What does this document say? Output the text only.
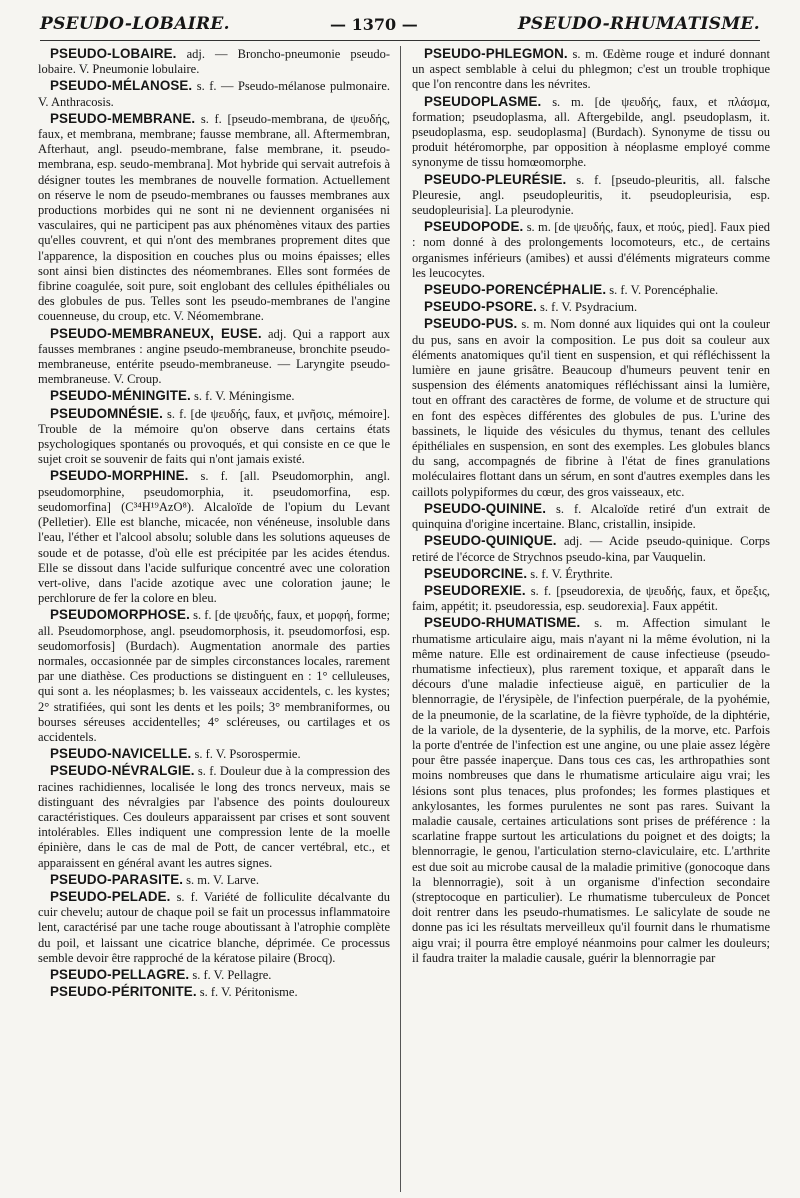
PSEUDO-LOBAIRE.	— 1370 —	PSEUDO-RHUMATISME.

PSEUDO-LOBAIRE. adj. — Broncho-pneumonie pseudo-lobaire. V. Pneumonie lobulaire.

PSEUDO-MÉLANOSE. s. f. — Pseudo-mélanose pulmonaire. V. Anthracosis.

PSEUDO-MEMBRANE. s. f. [pseudo-membrana, de ψευδής, faux, et membrana, membrane; fausse membrane, all. Aftermembran, Afterhaut, angl. pseudo-membrane, false membrane, it. pseudo-membrana, esp. seudo-membrana]. Mot hybride qui servait autrefois à désigner toutes les membranes de nouvelle formation. Actuellement on réserve le nom de pseudo-membranes ou fausses membranes aux productions morbides qui ne sont ni ne deviennent organisées ni vasculaires, qui ne participent pas aux phénomènes vitaux des parties qu'elles couvrent, et qui n'ont des membranes proprement dites que l'apparence, la disposition en couches plus ou moins épaisses; elles sont ainsi bien distinctes des néomembranes. Elles sont formées de fibrine coagulée, soit pure, soit englobant des cellules épithéliales ou des globules de pus. Telles sont les pseudo-membranes de l'angine couenneuse, du croup, etc. V. Néomembrane.

PSEUDO-MEMBRANEUX, EUSE. adj. Qui a rapport aux fausses membranes : angine pseudo-membraneuse, bronchite pseudo-membraneuse, entérite pseudo-membraneuse. — Laryngite pseudo-membraneuse. V. Croup.

PSEUDO-MÉNINGITE. s. f. V. Méningisme.

PSEUDOMNÉSIE. s. f. [de ψευδής, faux, et μνῆσις, mémoire]. Trouble de la mémoire qu'on observe dans certains états psychologiques spontanés ou provoqués, et qui consiste en ce que le sujet croit se souvenir de faits qui n'ont jamais existé.

PSEUDO-MORPHINE. s. f. [all. Pseudomorphin, angl. pseudomorphine, pseudomorphia, it. pseudomorfina, esp. seudomorfina] (C³⁴H¹⁹AzO⁸). Alcaloïde de l'opium du Levant (Pelletier). Elle est blanche, micacée, non vénéneuse, insoluble dans l'eau, l'éther et l'alcool absolu; soluble dans les solutions aqueuses de soude et de potasse, d'où elle est précipitée par les acides étendus. Elle se dissout dans l'acide sulfurique concentré avec une coloration vert-olive, dans l'acide azotique avec une coloration jaune; le perchlorure de fer la colore en bleu.

PSEUDOMORPHOSE. s. f. [de ψευδής, faux, et μορφή, forme; all. Pseudomorphose, angl. pseudomorphosis, it. pseudomorfosi, esp. seudomorfosis] (Burdach). Augmentation anormale des parties normales, occasionnée par de simples circonstances locales, rarement par une diathèse. Ces productions se distinguent en : 1° celluleuses, qui sont a. les néoplasmes; b. les vaisseaux accidentels, c. les kystes; 2° stratifiées, qui sont les dents et les poils; 3° membraniformes, ou bourses séreuses accidentelles; 4° scléreuses, ou cartilages et os accidentels.

PSEUDO-NAVICELLE. s. f. V. Psorospermie.

PSEUDO-NÉVRALGIE. s. f. Douleur due à la compression des racines rachidiennes, localisée le long des troncs nerveux, mais se distinguant des névralgies par l'absence des points douloureux caractéristiques. Ces douleurs apparaissent par crises et sont souvent intolérables. Elles indiquent une compression lente de la moelle épinière, dans le cas de mal de Pott, de cancer vertébral, etc., et apparaissent en général avant les autres signes.

PSEUDO-PARASITE. s. m. V. Larve.

PSEUDO-PELADE. s. f. Variété de folliculite décalvante du cuir chevelu; autour de chaque poil se fait un processus inflammatoire lent, caractérisé par une tache rouge aboutissant à l'atrophie complète du poil, et laissant une cicatrice blanche, déprimée. Ce processus semble devoir être rapproché de la kératose pilaire (Brocq).

PSEUDO-PELLAGRE. s. f. V. Pellagre.

PSEUDO-PÉRITONITE. s. f. V. Péritonisme.

PSEUDO-PHLEGMON. s. m. Œdème rouge et induré donnant un aspect semblable à celui du phlegmon; c'est un trouble trophique que l'on rencontre dans les névrites.

PSEUDOPLASME. s. m. [de ψευδής, faux, et πλάσμα, formation; pseudoplasma, all. Aftergebilde, angl. pseudoplasm, it. pseudoplasma, esp. seudoplasma] (Burdach). Synonyme de tissu ou produit hétéromorphe, par opposition à néoplasme employé comme synonyme de tissu homœomorphe.

PSEUDO-PLEURÉSIE. s. f. [pseudo-pleuritis, all. falsche Pleuresie, angl. pseudopleuritis, it. pseudopleurisia, esp. seudopleurisia]. La pleurodynie.

PSEUDOPODE. s. m. [de ψευδής, faux, et πούς, pied]. Faux pied : nom donné à des prolongements locomoteurs, etc., de certains organismes inférieurs (amibes) et aussi d'éléments migrateurs comme les leucocytes.

PSEUDO-PORENCÉPHALIE. s. f. V. Porencéphalie.

PSEUDO-PSORE. s. f. V. Psydracium.

PSEUDO-PUS. s. m. Nom donné aux liquides qui ont la couleur du pus, sans en avoir la composition. Le pus doit sa couleur aux éléments anatomiques qu'il tient en suspension, et qui réfléchissent la lumière en jaune grisâtre. Beaucoup d'humeurs peuvent tenir en suspension des éléments anatomiques réfléchissant ainsi la lumière, tout en offrant des caractères de forme, de volume et de structure qui en font des espèces différentes des globules de pus. L'urine des bassinets, le liquide des vésicules du thymus, tenant des cellules épithéliales en suspension, en sont des exemples. Les globules blancs du sang, accompagnés de fibrine à l'état de fines granulations moléculaires flottant dans un sérum, en sont d'autres exemples dans les caillots polypiformes du cœur, des gros vaisseaux, etc.

PSEUDO-QUININE. s. f. Alcaloïde retiré d'un extrait de quinquina d'origine incertaine. Blanc, cristallin, insipide.

PSEUDO-QUINIQUE. adj. — Acide pseudo-quinique. Corps retiré de l'écorce de Strychnos pseudo-kina, par Vauquelin.

PSEUDORCINE. s. f. V. Érythrite.

PSEUDOREXIE. s. f. [pseudorexia, de ψευδής, faux, et ὄρεξις, faim, appétit; it. pseudoressia, esp. seudorexia]. Faux appétit.

PSEUDO-RHUMATISME. s. m. Affection simulant le rhumatisme articulaire aigu, mais n'ayant ni la même évolution, ni la même nature. Elle est ordinairement de cause infectieuse (pseudo-rhumatisme infectieux), plus rarement toxique, et apparaît dans le décours d'une maladie infectieuse aiguë, en particulier de la blennorragie, de l'érysipèle, de l'infection puerpérale, de la pyohémie, de la pneumonie, de la scarlatine, de la fièvre typhoïde, de la diphtérie, de la variole, de la dysenterie, de la syphilis, de la morve, etc. Parfois la porte d'entrée de l'infection est une angine, ou une plaie assez légère pour être passée inaperçue. Dans tous ces cas, les arthropathies sont moins nombreuses que dans le rhumatisme articulaire aigu vrai; les lésions sont plus tenaces, plus profondes; les formes plastiques et ankylosantes, les formes purulentes ne sont pas rares. Suivant la maladie causale, certaines articulations sont prises de préférence : la scarlatine frappe surtout les articulations du poignet et des doigts; la blennorragie, le genou, l'articulation sterno-claviculaire, etc. L'arthrite est due soit au microbe causal de la maladie primitive (gonocoque dans la blennorragie), soit à un organisme d'infection secondaire (streptocoque en particulier). Le rhumatisme tuberculeux de Poncet doit rentrer dans les pseudo-rhumatismes. Le salicylate de soude ne donne pas ici les résultats merveilleux qu'il fournit dans le rhumatisme aigu vrai; il pourra être employé néanmoins pour calmer les douleurs; il faudra traiter la maladie causale, guérir la blennorragie par
